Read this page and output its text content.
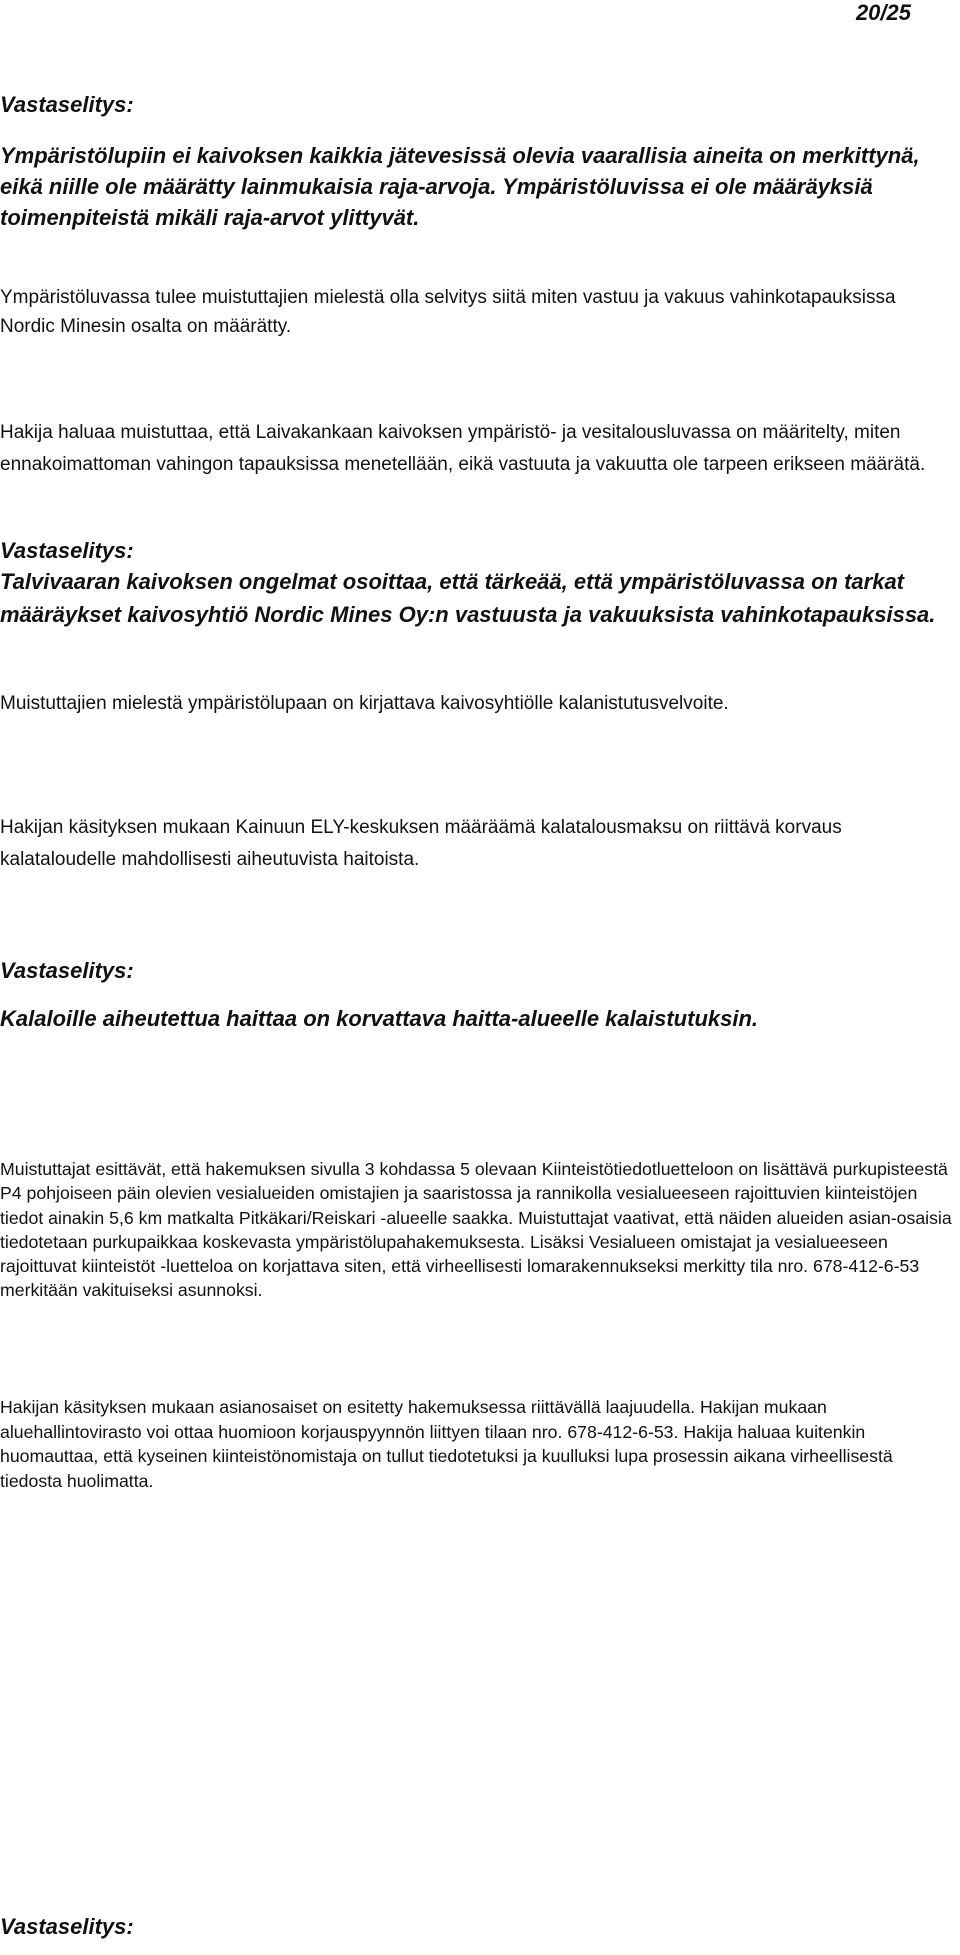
20/25
Vastaselitys:

Ympäristölupiin ei kaivoksen kaikkia jätevesissä olevia vaarallisia aineita on merkittynä, eikä niille ole määrätty lainmukaisia raja-arvoja. Ympäristöluvissa ei ole määräyksiä toimenpiteistä mikäli raja-arvot ylittyvät.

Ympäristöluvassa tulee muistuttajien mielestä olla selvitys siitä miten vastuu ja vakuus vahinkotapauksissa Nordic Minesin osalta on määrätty.

Hakija haluaa muistuttaa, että Laivakankaan kaivoksen ympäristö- ja vesitalousluvassa on määritelty, miten ennakoimattoman vahingon tapauksissa menetellään, eikä vastuuta ja vakuutta ole tarpeen erikseen määrätä.

Vastaselitys:

Talvivaaran kaivoksen ongelmat osoittaa, että tärkeää, että ympäristöluvassa on tarkat määräykset kaivosyhtiö Nordic Mines Oy:n vastuusta ja vakuuksista vahinkotapauksissa.

Muistuttajien mielestä ympäristölupaan on kirjattava kaivosyhtiölle kalanistutusvelvoite.

Hakijan käsityksen mukaan Kainuun ELY-keskuksen määräämä kalatalousmaksu on riittävä korvaus kalataloudelle mahdollisesti aiheutuvista haitoista.

Vastaselitys:

Kalaloille aiheutettua haittaa on korvattava haitta-alueelle kalaistutuksin.

Muistuttajat esittävät, että hakemuksen sivulla 3 kohdassa 5 olevaan Kiinteistötiedotluetteloon on lisättävä purkupisteestä P4 pohjoiseen päin olevien vesialueiden omistajien ja saaristossa ja rannikolla vesialueeseen rajoittuvien kiinteistöjen tiedot ainakin 5,6 km matkalta Pitkäkari/Reiskari -alueelle saakka. Muistuttajat vaativat, että näiden alueiden asian-osaisia tiedotetaan purkupaikkaa koskevasta ympäristölupahakemuksesta. Lisäksi Vesialueen omistajat ja vesialueeseen rajoittuvat kiinteistöt -luetteloa on korjattava siten, että virheellisesti lomarakennukseksi merkitty tila nro. 678-412-6-53 merkitään vakituiseksi asunnoksi.

Hakijan käsityksen mukaan asianosaiset on esitetty hakemuksessa riittävällä laajuudella. Hakijan mukaan aluehallintovirasto voi ottaa huomioon korjauspyynnön liittyen tilaan nro. 678-412-6-53. Hakija haluaa kuitenkin huomauttaa, että kyseinen kiinteistönomistaja on tullut tiedotetuksi ja kuulluksi lupa prosessin aikana virheellisestä tiedosta huolimatta.

Vastaselitys:
